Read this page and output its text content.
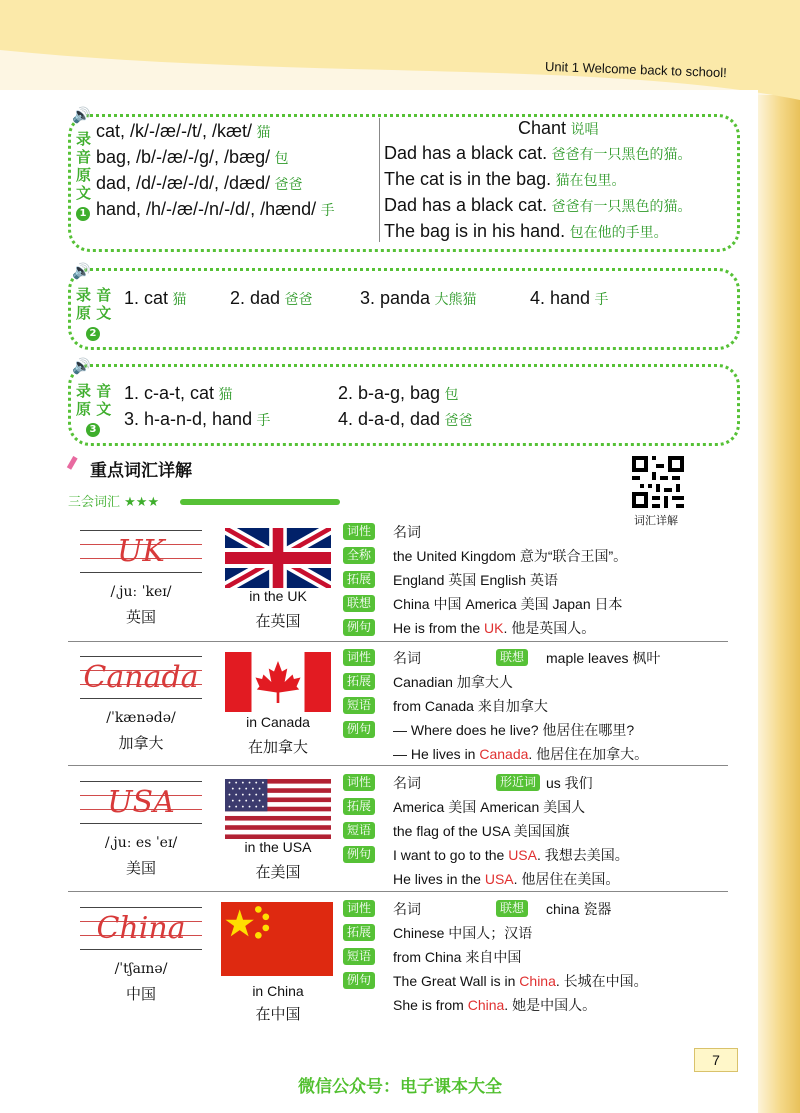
Unit 1 Welcome back to school!
🔊
录
音
原
文
1
cat, /k/-/æ/-/t/, /kæt/ 猫
bag, /b/-/æ/-/ɡ/, /bæɡ/ 包
dad, /d/-/æ/-/d/, /dæd/ 爸爸
hand, /h/-/æ/-/n/-/d/, /hænd/ 手
Chant 说唱
Dad has a black cat. 爸爸有一只黑色的猫。
The cat is in the bag. 猫在包里。
Dad has a black cat. 爸爸有一只黑色的猫。
The bag is in his hand. 包在他的手里。
🔊
录 音
原 文
2
1. cat 猫 2. dad 爸爸	3. panda 大熊猫	4. hand 手
🔊
录 音
原 文
3
1. c-a-t, cat 猫	2. b-a-g, bag 包
3. h-a-n-d, hand 手	4. d-a-d, dad 爸爸
重点词汇详解
三会词汇 ★★★
词汇详解
UK
/ˌjuː ˈkeɪ/
英国
in the UK
在英国
词性 名词
全称 the United Kingdom 意为“联合王国”。
拓展 England 英国 English 英语
联想 China 中国 America 美国 Japan 日本
例句 He is from the UK. 他是英国人。
Canada
/ˈkænədə/
加拿大
in Canada
在加拿大
词性 名词	联想 maple leaves 枫叶
拓展 Canadian 加拿大人
短语 from Canada 来自加拿大
例句 — Where does he live? 他居住在哪里?
— He lives in Canada. 他居住在加拿大。
USA
/ˌjuː es ˈeɪ/
美国
in the USA
在美国
词性 名词	形近词 us 我们
拓展 America 美国 American 美国人
短语 the flag of the USA 美国国旗
例句 I want to go to the USA. 我想去美国。
He lives in the USA. 他居住在美国。
China
/ˈtʃaɪnə/
中国	in China
在中国
词性 名词	联想 china 瓷器
拓展 Chinese 中国人；汉语
短语 from China 来自中国
例句 The Great Wall is in China. 长城在中国。
She is from China. 她是中国人。
7
微信公众号：电子课本大全
